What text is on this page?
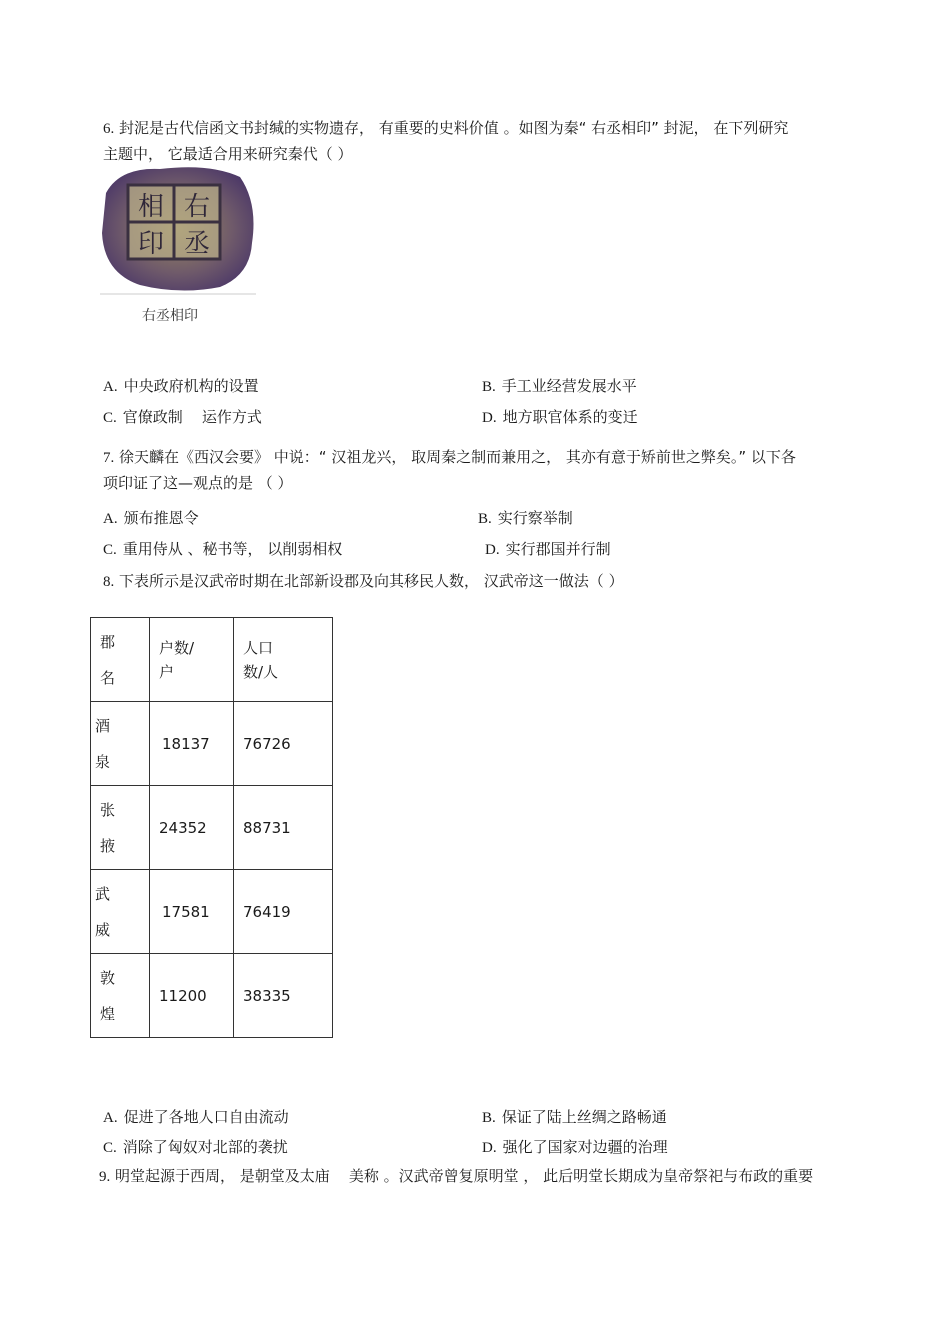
6. 封泥是古代信函文书封缄的实物遗存， 有重要的史料价值 。如图为秦“ 右丞相印” 封泥， 在下列研究
主题中， 它最适合用来研究秦代（ ）
右
丞
相
印
右丞相印
A. 中央政府机构的设置	B. 手工业经营发展水平
C. 官僚政制    运作方式	D. 地方职官体系的变迁
7. 徐天麟在《西汉会要》 中说：“ 汉祖龙兴， 取周秦之制而兼用之， 其亦有意于矫前世之弊矣。” 以下各
项印证了这—观点的是 （ ）
A. 颁布推恩令	B. 实行察举制
C. 重用侍从 、秘书等， 以削弱相权	D. 实行郡国并行制
8. 下表所示是汉武帝时期在北部新设郡及向其移民人数， 汉武帝这一做法（ ）
郡名	户数/户	人口数/人

酒泉	18137	76726

张掖	24352	88731

武威	17581	76419

敦煌	11200	38335
A. 促进了各地人口自由流动	B. 保证了陆上丝绸之路畅通
C. 消除了匈奴对北部的袭扰	D. 强化了国家对边疆的治理
9. 明堂起源于西周， 是朝堂及太庙    美称 。汉武帝曾复原明堂 ， 此后明堂长期成为皇帝祭祀与布政的重要
